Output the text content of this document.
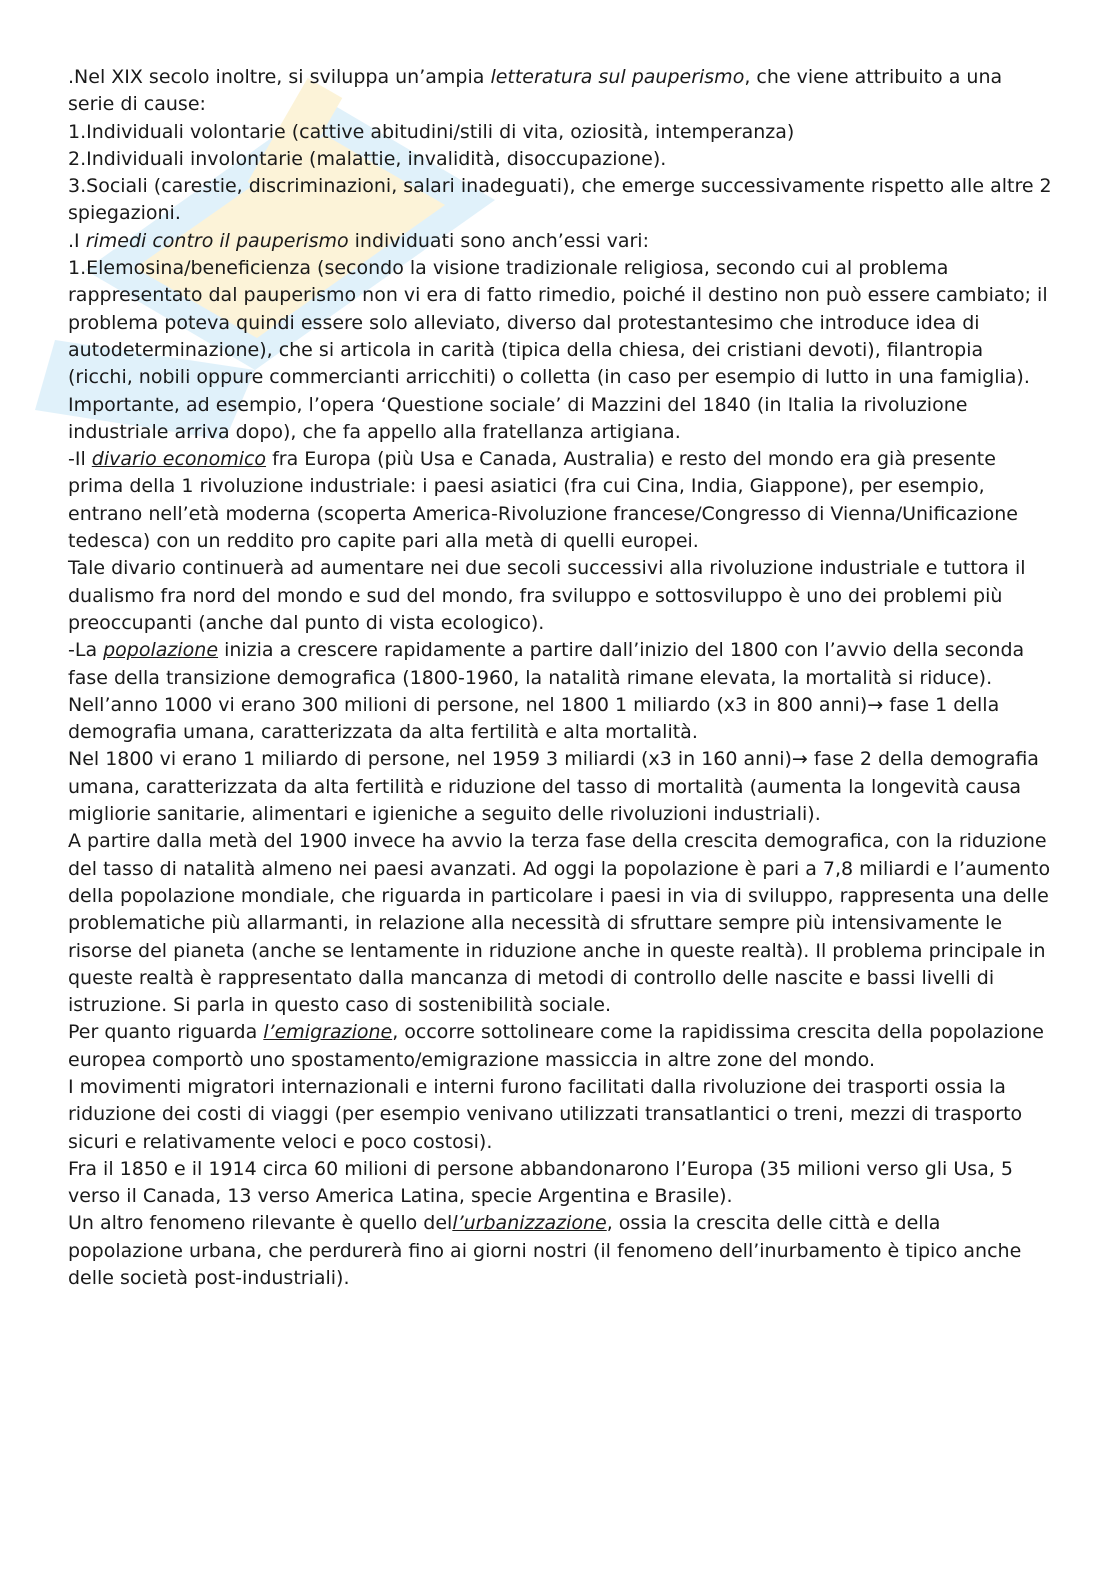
.Nel XIX secolo inoltre, si sviluppa un’ampia letteratura sul pauperismo, che viene attribuito a una serie di cause:

1.Individuali volontarie (cattive abitudini/stili di vita, oziosità, intemperanza)

2.Individuali involontarie (malattie, invalidità, disoccupazione).

3.Sociali (carestie, discriminazioni, salari inadeguati), che emerge successivamente rispetto alle altre 2 spiegazioni.

.I rimedi contro il pauperismo individuati sono anch’essi vari:

1.Elemosina/beneficienza (secondo la visione tradizionale religiosa, secondo cui al problema rappresentato dal pauperismo non vi era di fatto rimedio, poiché il destino non può essere cambiato; il problema poteva quindi essere solo alleviato, diverso dal protestantesimo che introduce idea di autodeterminazione), che si articola in carità (tipica della chiesa, dei cristiani devoti), filantropia (ricchi, nobili oppure commercianti arricchiti) o colletta (in caso per esempio di lutto in una famiglia).

Importante, ad esempio, l’opera ‘Questione sociale’ di Mazzini del 1840 (in Italia la rivoluzione industriale arriva dopo), che fa appello alla fratellanza artigiana.

-Il divario economico fra Europa (più Usa e Canada, Australia) e resto del mondo era già presente prima della 1 rivoluzione industriale: i paesi asiatici (fra cui Cina, India, Giappone), per esempio, entrano nell’età moderna (scoperta America-Rivoluzione francese/Congresso di Vienna/Unificazione tedesca) con un reddito pro capite pari alla metà di quelli europei.

Tale divario continuerà ad aumentare nei due secoli successivi alla rivoluzione industriale e tuttora il dualismo fra nord del mondo e sud del mondo, fra sviluppo e sottosviluppo è uno dei problemi più preoccupanti (anche dal punto di vista ecologico).

-La popolazione inizia a crescere rapidamente a partire dall’inizio del 1800 con l’avvio della seconda fase della transizione demografica (1800-1960, la natalità rimane elevata, la mortalità si riduce).

Nell’anno 1000 vi erano 300 milioni di persone, nel 1800 1 miliardo (x3 in 800 anni)→ fase 1 della demografia umana, caratterizzata da alta fertilità e alta mortalità.

Nel 1800 vi erano 1 miliardo di persone, nel 1959 3 miliardi (x3 in 160 anni)→ fase 2 della demografia umana, caratterizzata da alta fertilità e riduzione del tasso di mortalità (aumenta la longevità causa migliorie sanitarie, alimentari e igieniche a seguito delle rivoluzioni industriali).

A partire dalla metà del 1900 invece ha avvio la terza fase della crescita demografica, con la riduzione del tasso di natalità almeno nei paesi avanzati. Ad oggi la popolazione è pari a 7,8 miliardi e l’aumento della popolazione mondiale, che riguarda in particolare i paesi in via di sviluppo, rappresenta una delle problematiche più allarmanti, in relazione alla necessità di sfruttare sempre più intensivamente le risorse del pianeta (anche se lentamente in riduzione anche in queste realtà). Il problema principale in queste realtà è rappresentato dalla mancanza di metodi di controllo delle nascite e bassi livelli di istruzione. Si parla in questo caso di sostenibilità sociale.

Per quanto riguarda l’emigrazione, occorre sottolineare come la rapidissima crescita della popolazione europea comportò uno spostamento/emigrazione massiccia in altre zone del mondo.

I movimenti migratori internazionali e interni furono facilitati dalla rivoluzione dei trasporti ossia la riduzione dei costi di viaggi (per esempio venivano utilizzati transatlantici o treni, mezzi di trasporto sicuri e relativamente veloci e poco costosi).

Fra il 1850 e il 1914 circa 60 milioni di persone abbandonarono l’Europa (35 milioni verso gli Usa, 5 verso il Canada, 13 verso America Latina, specie Argentina e Brasile).

Un altro fenomeno rilevante è quello dell’urbanizzazione, ossia la crescita delle città e della popolazione urbana, che perdurerà fino ai giorni nostri (il fenomeno dell’inurbamento è tipico anche delle società post-industriali).
